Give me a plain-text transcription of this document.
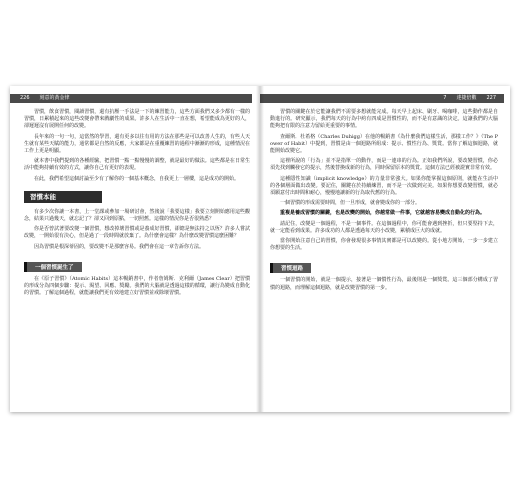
226 刻意的黃金律

習慣，飲食習慣，閱讀習慣，還有抗壓一手法是一下的練習能力，這些方面我們又多少都有一樣的習慣，日累積起來的這些改變會帶來戲劇性的成果。許多人在生活中一直在想，希望能成為更好的人，卻遲遲沒有展開任何的改變。

長年來的一句一句，這當然的學習，還有更多以往有用的方法在那些是可以改善人生的，有些人天生就有某些天賦的能力，通常都是自然的反應，大家都是在重覆練習的過程中漸漸的形成，這種情況在工作上更是明顯。

就本書中我們提到的各種經驗，把習慣一點一點慢慢的調整，就是最好的做法。這些都是在日常生活中能夠持續有效的方式，讓你自己有更好的表現。

在此，我們希望這個討論至少有了解你的一個基本概念，自我更上一層樓，這是成功的開始。

習慣本能

有多少次你讓一本書，上一堂課或參加一場研討會，然後說「我要這樣」我要立刻開始應用這些觀念，結果只過幾天，就忘記了？卻又回到原點，一切照舊。這樣的情況你是否很熟悉？

你是否曾試著要改變一個習慣，想改掉壞習慣或是養成好習慣，卻總是無法持之以恆？許多人嘗試改變，一開始很有決心，但是過了一段時間就放棄了。為什麼會這樣？為什麼改變習慣這麼困難？

因為習慣是根深蒂固的，要改變不是那麼容易。我們會在這一章告訴你方法。

一個習慣誕生了

在《原子習慣》（Atomic Habits）這本暢銷書中，作者詹姆斯．克利爾（James Clear）把習慣的形成分為四個步驟：提示、渴望、回應、獎勵。我們的大腦就是透過這樣的循環，讓行為變成自動化的習慣。了解這個過程，就能讓我們更有效地建立好習慣並戒除壞習慣。

7 達捷倍數 227

習慣的關鍵在於它能讓我們不需要多想就能完成。每天早上起床、刷牙、喝咖啡，這些動作都是自動進行的。研究顯示，我們每天的行為中約有四成是習慣性的，而不是有意識的決定。這讓我們的大腦能夠把有限的注意力留給更重要的事情。

查爾斯．杜希格（Charles Duhigg）在他的暢銷書《為什麼我們這樣生活，那樣工作？》（The Power of Habit）中提到，習慣是由一個迴路所組成：提示、慣性行為、獎賞。當你了解這個迴路，就能開始改變它。

這裡所說的「行為」並不是指單一的動作，而是一連串的行為。正如我們所說，要改變習慣，你必須先找到觸發它的提示，然後替換成新的行為，同時保留原本的獎賞。這個方法已經被證實非常有效。

這種隱性知識（implicit knowledge）的力量非常強大。如果你能掌握這個原則，就能在生活中的各個層面做出改變。要記住，關鍵在於持續練習，而不是一次做到完美。如果你想要改變習慣，就必須願意付出時間和耐心，慢慢地讓新的行為取代舊的行為。

一個習慣的形成需要時間，但一旦形成，就會變成你的一部分。

重複是養成習慣的關鍵，也是改變的開始，你越常做一件事，它就越容易變成自動化的行為。

請記住，改變是一個過程，不是一個事件。在這個過程中，你可能會遇到挫折，但只要堅持下去，就一定能看到成果。許多成功的人都是透過每天的小改變，累積成巨大的成就。

當你開始注意自己的習慣，你會發現很多事情其實都是可以改變的。從小地方開始，一步一步建立你想要的生活。

習慣迴路

一個習慣的開始，就是一個提示，接著是一個慣性行為，最後則是一個獎賞。這三個部分構成了習慣的迴路，而理解這個迴路，就是改變習慣的第一步。
